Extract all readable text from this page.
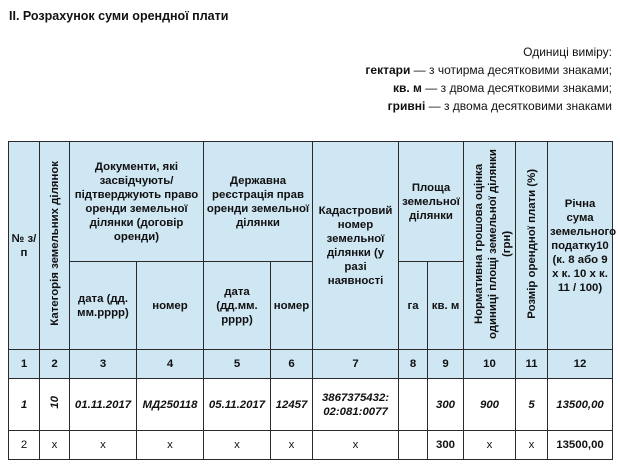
II. Розрахунок суми орендної плати
Одиниці виміру:
гектари — з чотирма десятковими знаками;
кв. м — з двома десятковими знаками;
гривні — з двома десятковими знаками
№ з/п	Категорія земельних ділянок	Документи, які засвідчують/ підтверджують право оренди земельної ділянки (договір оренди)		Державна реєстрація прав оренди земельної ділянки		Кадастровий номер земельної ділянки (у разі наявності	Площа земельної ділянки		Нормативна грошова оцінка одиниці площі земельної ділянки (грн)	Розмір орендної плати (%)	Річна сума земельного податку10 (к. 8 або 9 х к. 10 х к. 11 / 100)
		дата (дд. мм.рррр)	номер	дата (дд.мм. рррр)	номер		га	кв. м			
1	2	3	4	5	6	7	8	9	10	11	12
1	10	01.11.2017	МД250118	05.11.2017	12457	3867375432: 02:081:0077		300	900	5	13500,00
2	х	х	х	х	х	х		300	х	х	13500,00
